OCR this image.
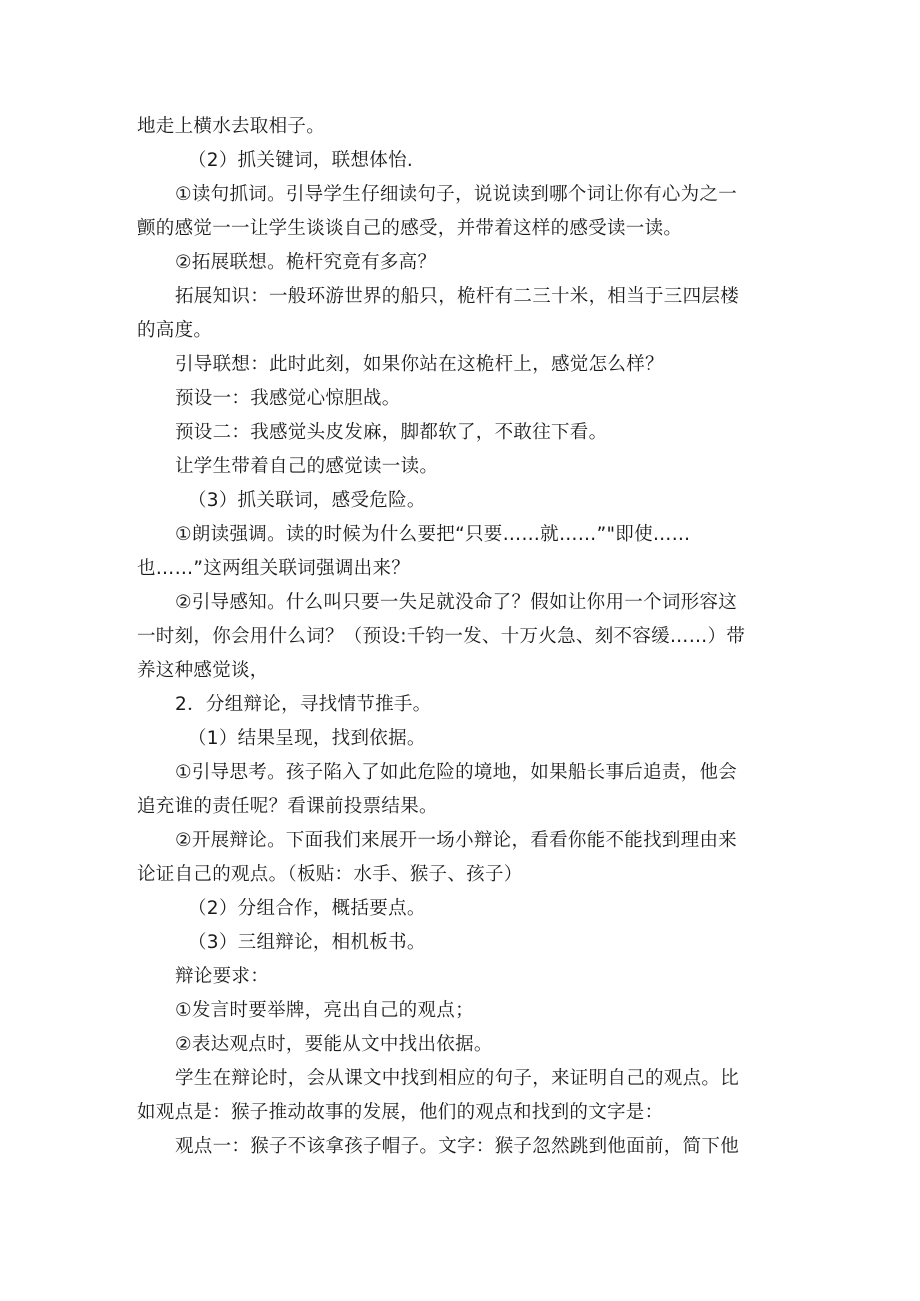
地走上横水去取相子。

（2）抓关键词，联想体怡.

①读句抓词。引导学生仔细读句子，说说读到哪个词让你有心为之一

颤的感觉一一让学生谈谈自己的感受，并带着这样的感受读一读。

②拓展联想。桅杆究竟有多高？

拓展知识：一般环游世界的船只，桅杆有二三十米，相当于三四层楼

的高度。

引导联想：此时此刻，如果你站在这桅杆上，感觉怎么样？

预设一：我感觉心惊胆战。

预设二：我感觉头皮发麻，脚都软了，不敢往下看。

让学生带着自己的感觉读一读。

（3）抓关联词，感受危险。

①朗读强调。读的时候为什么要把“只要……就……”"即使……

也……”这两组关联词强调出来？

②引导感知。什么叫只要一失足就没命了？假如让你用一个词形容这

一时刻，你会用什么词？（预设:千钧一发、十万火急、刻不容缓……）带

养这种感觉谈，

2．分组辩论，寻找情节推手。

（1）结果呈现，找到依据。

①引导思考。孩子陷入了如此危险的境地，如果船长事后追责，他会

追充谁的责任呢？看课前投票结果。

②开展辩论。下面我们来展开一场小辩论，看看你能不能找到理由来

论证自己的观点。（板贴：水手、猴子、孩子）

（2）分组合作，概括要点。

（3）三组辩论，相机板书。

辩论要求：

①发言时要举牌，亮出自己的观点；

②表达观点时，要能从文中找出依据。

学生在辩论时，会从课文中找到相应的句子，来证明自己的观点。比

如观点是：猴子推动故事的发展，他们的观点和找到的文字是：

观点一：猴子不该拿孩子帽子。文字：猴子忽然跳到他面前，简下他
